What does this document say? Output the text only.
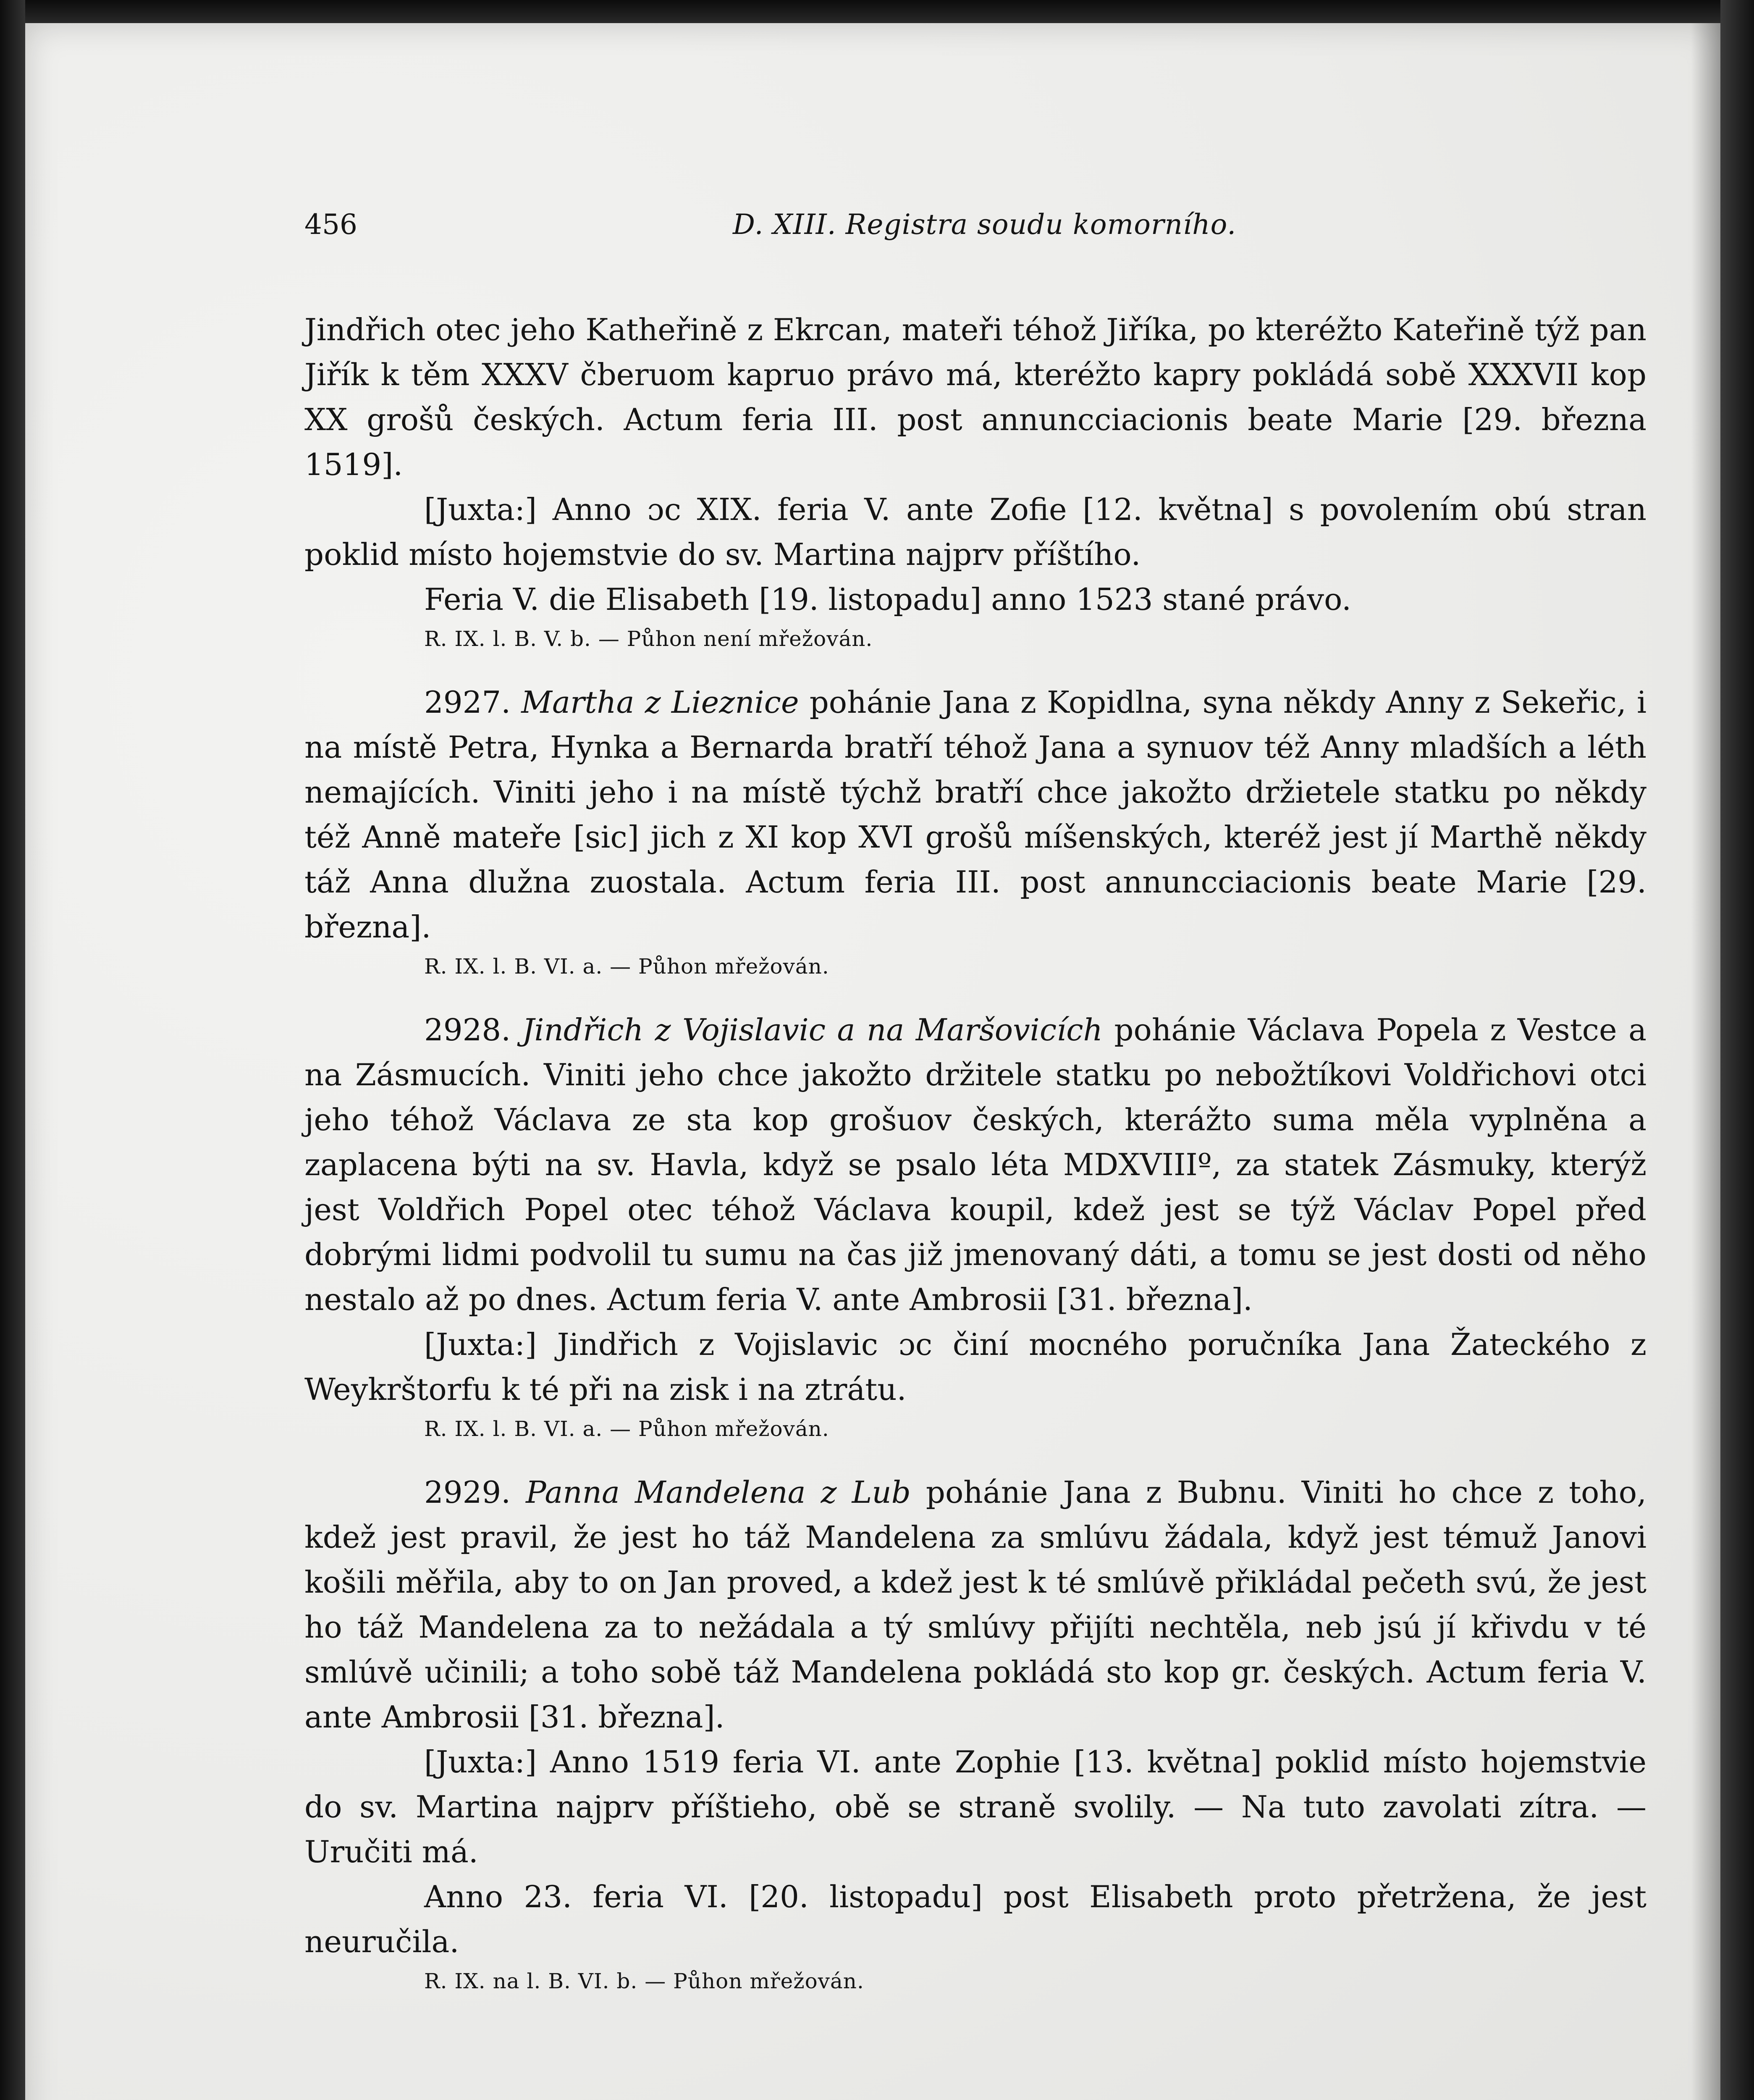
456	D. XIII. Registra soudu komorního.

Jindřich otec jeho Katheřině z Ekrcan, mateři téhož Jiříka, po kteréžto Kateřině týž pan Jiřík k těm XXXV čberuom kapruo právo má, kteréžto kapry pokládá sobě XXXVII kop XX grošů českých. Actum feria III. post annuncciacionis beate Marie [29. března 1519].

[Juxta:] Anno ɔc XIX. feria V. ante Zofie [12. května] s povolením obú stran poklid místo hojemstvie do sv. Martina najprv příštího.

Feria V. die Elisabeth [19. listopadu] anno 1523 stané právo.

R. IX. l. B. V. b. — Půhon není mřežován.

2927. Martha z Lieznice pohánie Jana z Kopidlna, syna někdy Anny z Sekeřic, i na místě Petra, Hynka a Bernarda bratří téhož Jana a synuov též Anny mladších a léth nemajících. Viniti jeho i na místě týchž bratří chce jakožto držietele statku po někdy též Anně mateře [sic] jich z XI kop XVI grošů míšenských, kteréž jest jí Marthě někdy táž Anna dlužna zuostala. Actum feria III. post annuncciacionis beate Marie [29. března].

R. IX. l. B. VI. a. — Půhon mřežován.

2928. Jindřich z Vojislavic a na Maršovicích pohánie Václava Popela z Vestce a na Zásmucích. Viniti jeho chce jakožto držitele statku po nebožtíkovi Voldřichovi otci jeho téhož Václava ze sta kop grošuov českých, kterážto suma měla vyplněna a zaplacena býti na sv. Havla, když se psalo léta MDXVIIIº, za statek Zásmuky, kterýž jest Voldřich Popel otec téhož Václava koupil, kdež jest se týž Václav Popel před dobrými lidmi podvolil tu sumu na čas již jmenovaný dáti, a tomu se jest dosti od něho nestalo až po dnes. Actum feria V. ante Ambrosii [31. března].

[Juxta:] Jindřich z Vojislavic ɔc činí mocného poručníka Jana Žateckého z Weykrštorfu k té při na zisk i na ztrátu.

R. IX. l. B. VI. a. — Půhon mřežován.

2929. Panna Mandelena z Lub pohánie Jana z Bubnu. Viniti ho chce z toho, kdež jest pravil, že jest ho táž Mandelena za smlúvu žádala, když jest témuž Janovi košili měřila, aby to on Jan proved, a kdež jest k té smlúvě přikládal pečeth svú, že jest ho táž Mandelena za to nežádala a tý smlúvy přijíti nechtěla, neb jsú jí křivdu v té smlúvě učinili; a toho sobě táž Mandelena pokládá sto kop gr. českých. Actum feria V. ante Ambrosii [31. března].

[Juxta:] Anno 1519 feria VI. ante Zophie [13. května] poklid místo hojemstvie do sv. Martina najprv příštieho, obě se straně svolily. — Na tuto zavolati zítra. — Uručiti má.

Anno 23. feria VI. [20. listopadu] post Elisabeth proto přetržena, že jest neuručila.

R. IX. na l. B. VI. b. — Půhon mřežován.
